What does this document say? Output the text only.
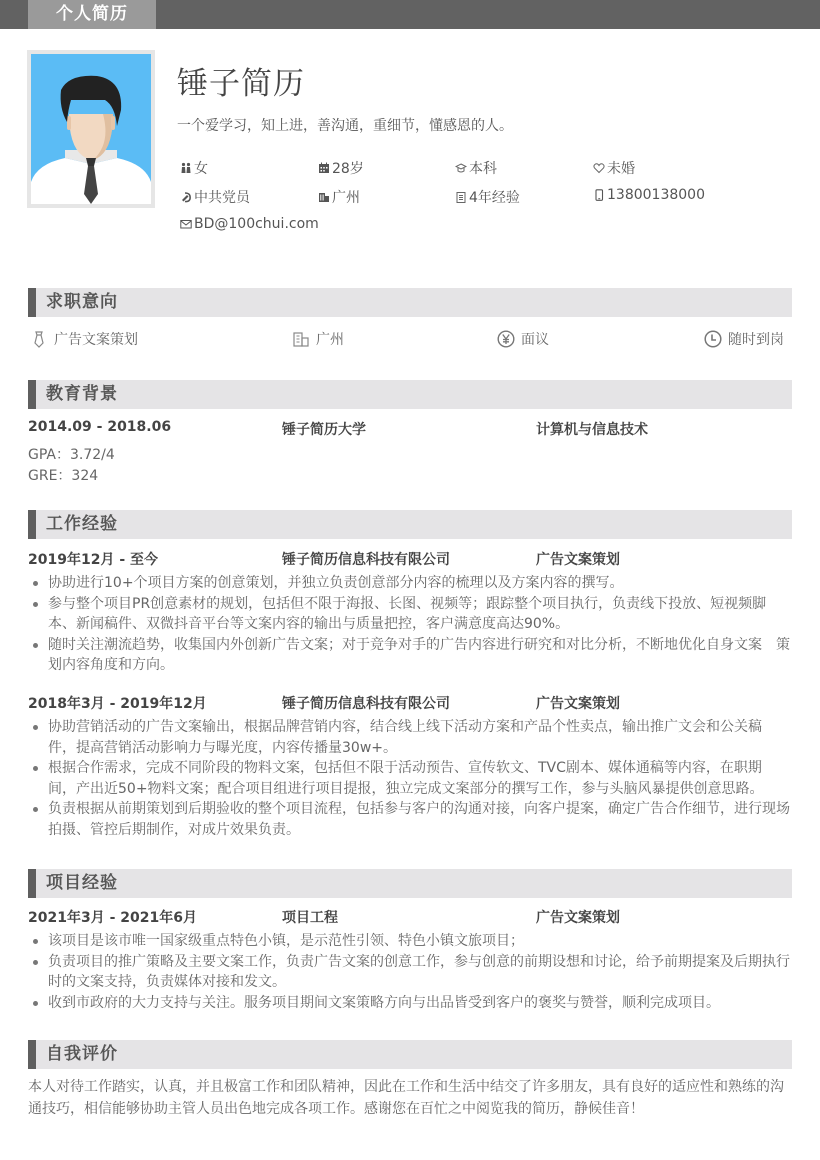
个人简历
锤子简历
一个爱学习，知上进，善沟通，重细节，懂感恩的人。
女	28岁	本科	未婚
中共党员	广州	4年经验	13800138000
BD@100chui.com
求职意向
广告文案策划	广州	面议	随时到岗
教育背景
2014.09 - 2018.06	锤子简历大学	计算机与信息技术
GPA：3.72/4
GRE：324
工作经验
2019年12月 - 至今	锤子简历信息科技有限公司	广告文案策划
协助进行10+个项目方案的创意策划，并独立负责创意部分内容的梳理以及方案内容的撰写。
参与整个项目PR创意素材的规划，包括但不限于海报、长图、视频等；跟踪整个项目执行，负责线下投放、短视频脚本、新闻稿件、双微抖音平台等文案内容的输出与质量把控，客户满意度高达90%。
随时关注潮流趋势，收集国内外创新广告文案；对于竞争对手的广告内容进行研究和对比分析，不断地优化自身文案　策划内容角度和方向。
2018年3月 - 2019年12月	锤子简历信息科技有限公司	广告文案策划
协助营销活动的广告文案输出，根据品牌营销内容，结合线上线下活动方案和产品个性卖点，输出推广文会和公关稿 件，提高营销活动影响力与曝光度，内容传播量30w+。
根据合作需求，完成不同阶段的物料文案，包括但不限于活动预告、宣传软文、TVC剧本、媒体通稿等内容，在职期　间，产出近50+物料文案；配合项目组进行项目提报，独立完成文案部分的撰写工作，参与头脑风暴提供创意思路。
负责根据从前期策划到后期验收的整个项目流程，包括参与客户的沟通对接，向客户提案，确定广告合作细节，进行现场拍摄、管控后期制作，对成片效果负责。
项目经验
2021年3月 - 2021年6月	项目工程	广告文案策划
该项目是该市唯一国家级重点特色小镇，是示范性引领、特色小镇文旅项目；
负责项目的推广策略及主要文案工作，负责广告文案的创意工作，参与创意的前期设想和讨论，给予前期提案及后期执行时的文案支持，负责媒体对接和发文。
收到市政府的大力支持与关注。服务项目期间文案策略方向与出品皆受到客户的褒奖与赞誉，顺利完成项目。
自我评价
本人对待工作踏实，认真，并且极富工作和团队精神，因此在工作和生活中结交了许多朋友，具有良好的适应性和熟练的沟通技巧，相信能够协助主管人员出色地完成各项工作。感谢您在百忙之中阅览我的简历，静候佳音！
